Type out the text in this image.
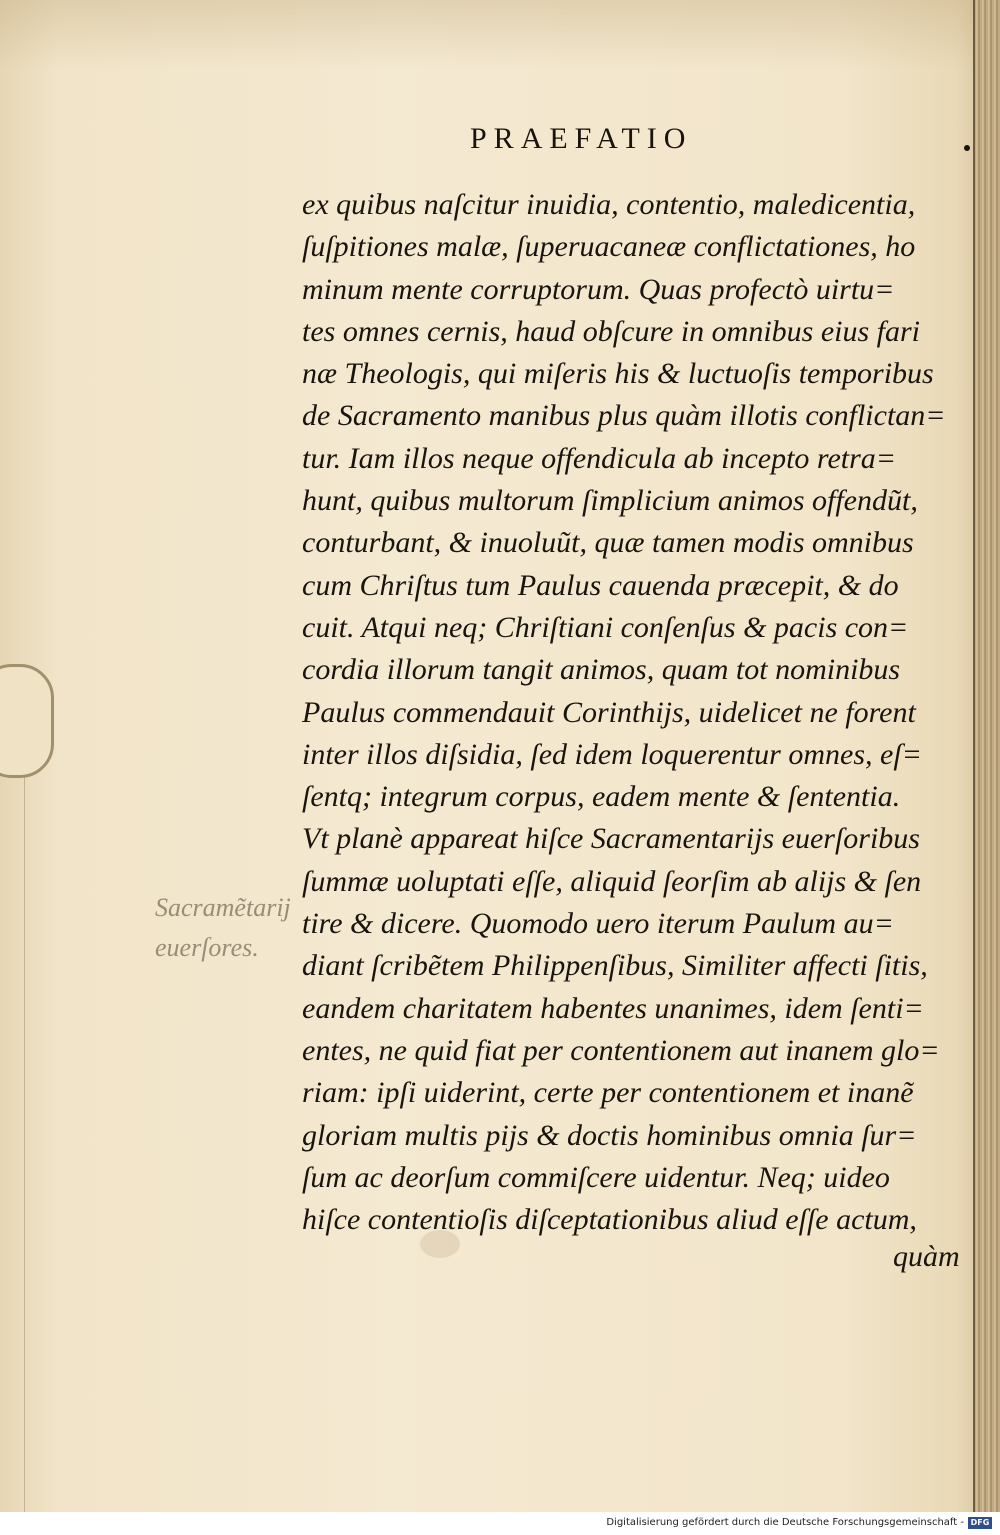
PRAEFATIO
ex quibus naſcitur inuidia, contentio, maledicentia,
ſuſpitiones malæ, ſuperuacaneæ conflictationes, ho
minum mente corruptorum. Quas profectò uirtu=
tes omnes cernis, haud obſcure in omnibus eius fari
næ Theologis, qui miſeris his & luctuoſis temporibus
de Sacramento manibus plus quàm illotis conflictan=
tur. Iam illos neque offendicula ab incepto retra=
hunt, quibus multorum ſimplicium animos offendũt,
conturbant, & inuoluũt, quæ tamen modis omnibus
cum Chriſtus tum Paulus cauenda præcepit, & do
cuit. Atqui neq; Chriſtiani conſenſus & pacis con=
cordia illorum tangit animos, quam tot nominibus
Paulus commendauit Corinthijs, uidelicet ne forent
inter illos diſsidia, ſed idem loquerentur omnes, eſ=
ſentq; integrum corpus, eadem mente & ſententia.
Vt planè appareat hiſce Sacramentarijs euerſoribus
ſummæ uoluptati eſſe, aliquid ſeorſim ab alijs & ſen
tire & dicere. Quomodo uero iterum Paulum au=
diant ſcribẽtem Philippenſibus, Similiter affecti ſitis,
eandem charitatem habentes unanimes, idem ſenti=
entes, ne quid fiat per contentionem aut inanem glo=
riam: ipſi uiderint, certe per contentionem et inanẽ
gloriam multis pijs & doctis hominibus omnia ſur=
ſum ac deorſum commiſcere uidentur. Neq; uideo
hiſce contentioſis diſceptationibus aliud eſſe actum,
quàm
Sacramẽtarij
euerſores.
Digitalisierung gefördert durch die Deutsche Forschungsgemeinschaft - DFG
